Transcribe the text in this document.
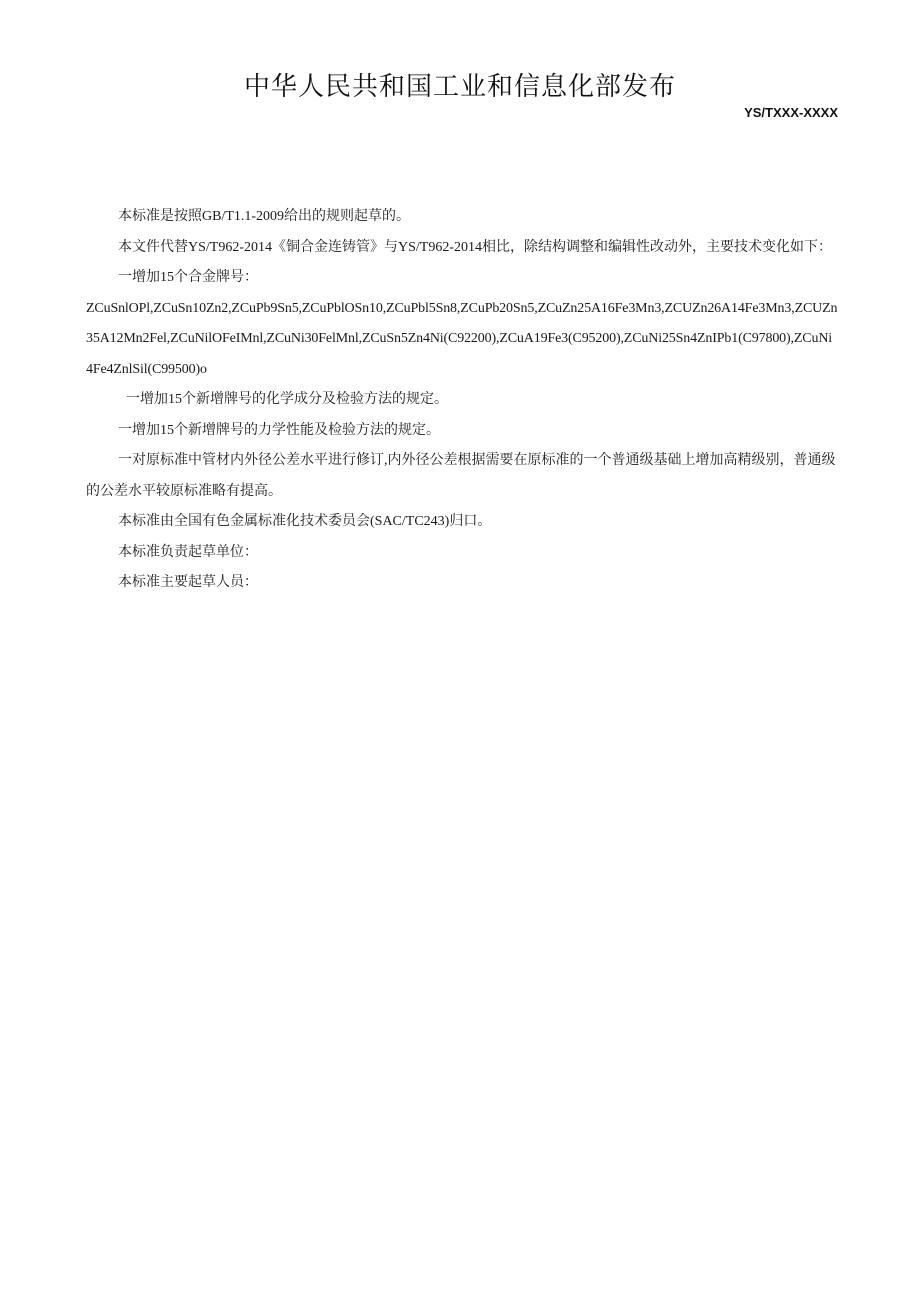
中华人民共和国工业和信息化部发布
YS/TXXX-XXXX

本标准是按照GB/T1.1-2009给出的规则起草的。

本文件代替YS/T962-2014《铜合金连铸管》与YS/T962-2014相比，除结构调整和编辑性改动外，主要技术变化如下：

一增加15个合金牌号：

ZCuSnlOPl,ZCuSn10Zn2,ZCuPb9Sn5,ZCuPblOSn10,ZCuPbl5Sn8,ZCuPb20Sn5,ZCuZn25A16Fe3Mn3,ZCUZn26A14Fe3Mn3,ZCUZn35A12Mn2Fel,ZCuNilOFeIMnl,ZCuNi30FelMnl,ZCuSn5Zn4Ni(C92200),ZCuA19Fe3(C95200),ZCuNi25Sn4ZnIPb1(C97800),ZCuNi4Fe4ZnlSil(C99500)o

一增加15个新增牌号的化学成分及检验方法的规定。

一增加15个新增牌号的力学性能及检验方法的规定。

一对原标准中管材内外径公差水平进行修订,内外径公差根据需要在原标准的一个普通级基础上增加高精级别，普通级的公差水平较原标准略有提高。

本标准由全国有色金属标准化技术委员会(SAC/TC243)归口。

本标准负责起草单位：

本标准主要起草人员：
